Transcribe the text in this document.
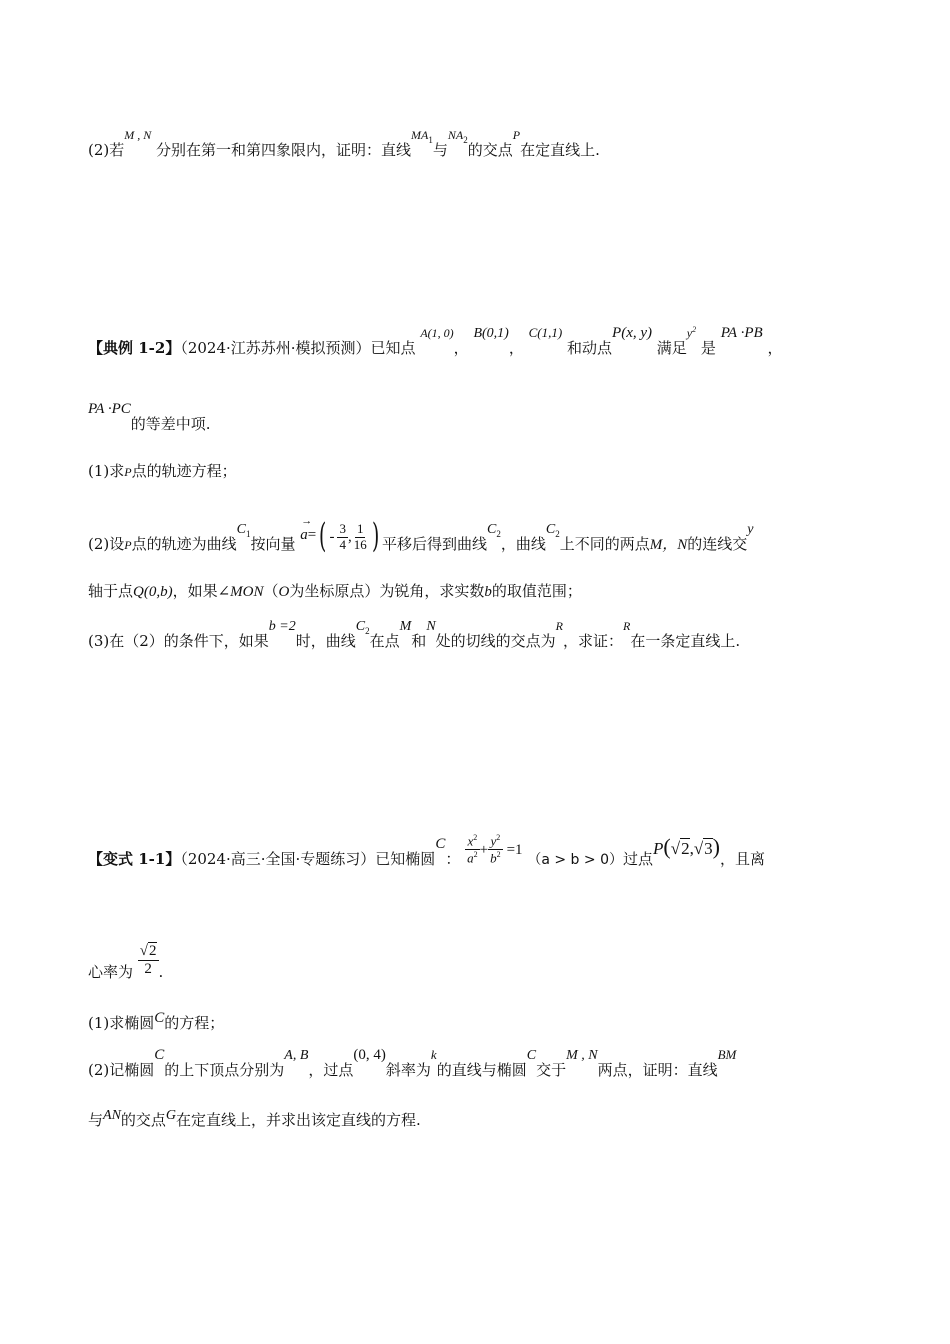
(2)若$^{M , N}$ 分别在第一和第四象限内，证明：直线$^{MA_1}$与$^{NA_2}$的交点$^P$在定直线上.
【典例 1-2】（2024·江苏苏州·模拟预测）已知点 $^{A(1, 0)}$， B(0,1)， C(1,1) 和动点P(x, y) 满足$^{y^2}$ 是 PA ·PB ，
PA ·PC的等差中项.
(1)求P点的轨迹方程；
(2)设P点的轨迹为曲线$C_1$按向量
→
$a=( - \frac{3}{4}$ , $\frac{1}{16}$ ) 平移后得到曲线$C_2$，曲线$C_2$上不同的两点M，N的连线交y
轴于点Q(0,b)，如果∠MON（O为坐标原点）为锐角，求实数b的取值范围；
(3)在（2）的条件下，如果b =2时，曲线$C_2$在点M和N处的切线的交点为$^R$，求证：$^R$在一条定直线上.
【变式 1-1】（2024·高三·全国·专题练习）已知椭圆C： $\frac{x^2}{a^2} + \frac{y^2}{b^2} =1$ （a > b > 0）过点P(√2,√3)，且离
心率为 $\frac{√2}{2}$ .
(1)求椭圆C的方程；
(2)记椭圆C的上下顶点分别为A, B，过点(0, 4)斜率为k的直线与椭圆C交于M , N两点，证明：直线BM
与AN的交点G在定直线上，并求出该定直线的方程.
